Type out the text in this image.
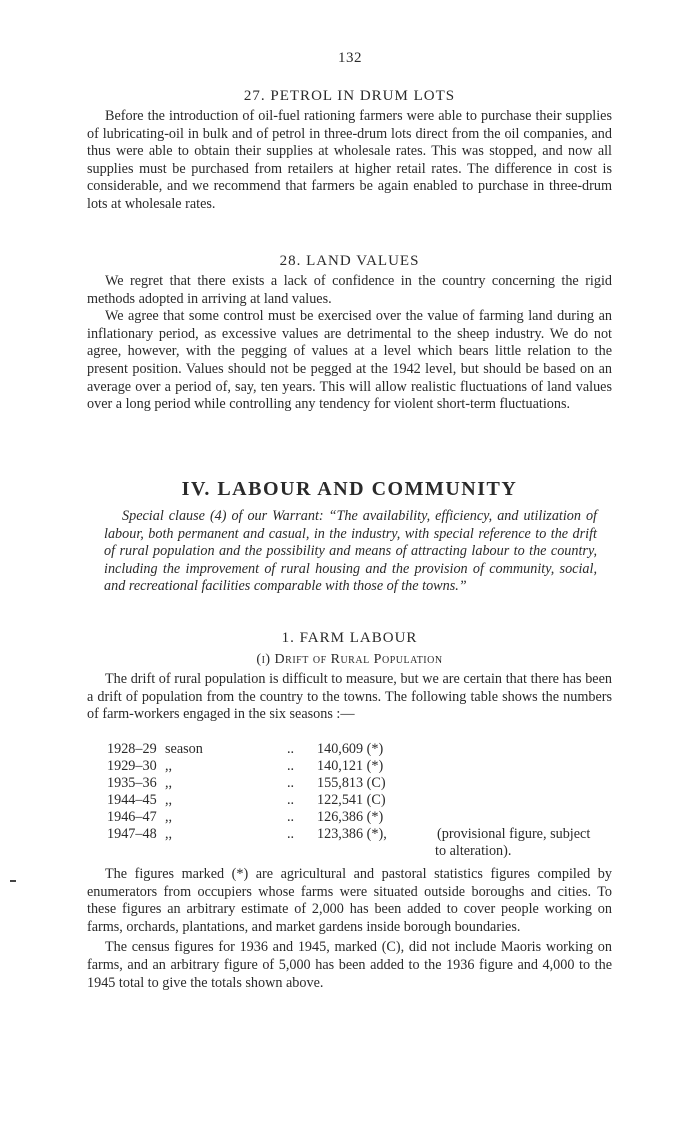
132
27. PETROL IN DRUM LOTS

Before the introduction of oil-fuel rationing farmers were able to purchase their supplies of lubricating-oil in bulk and of petrol in three-drum lots direct from the oil companies, and thus were able to obtain their supplies at wholesale rates. This was stopped, and now all supplies must be purchased from retailers at higher retail rates. The difference in cost is considerable, and we recommend that farmers be again enabled to purchase in three-drum lots at wholesale rates.

28. LAND VALUES

We regret that there exists a lack of confidence in the country concerning the rigid methods adopted in arriving at land values.

We agree that some control must be exercised over the value of farming land during an inflationary period, as excessive values are detrimental to the sheep industry. We do not agree, however, with the pegging of values at a level which bears little relation to the present position. Values should not be pegged at the 1942 level, but should be based on an average over a period of, say, ten years. This will allow realistic fluctuations of land values over a long period while controlling any tendency for violent short-term fluctuations.

IV. LABOUR AND COMMUNITY

Special clause (4) of our Warrant: “The availability, efficiency, and utilization of labour, both permanent and casual, in the industry, with special reference to the drift of rural population and the possibility and means of attracting labour to the country, including the improvement of rural housing and the provision of community, social, and recreational facilities comparable with those of the towns.”

1. FARM LABOUR
(i) Drift of Rural Population

The drift of rural population is difficult to measure, but we are certain that there has been a drift of population from the country to the towns. The following table shows the numbers of farm-workers engaged in the six seasons :—

1928–29 season	.. 140,609 (*)
1929–30 ,,	.. 140,121 (*)
1935–36 ,,	.. 155,813 (C)
1944–45 ,,	.. 122,541 (C)
1946–47 ,,	.. 126,386 (*)
1947–48 ,,	.. 123,386 (*),	(provisional figure, subject
to alteration).

The figures marked (*) are agricultural and pastoral statistics figures compiled by enumerators from occupiers whose farms were situated outside boroughs and cities. To these figures an arbitrary estimate of 2,000 has been added to cover people working on farms, orchards, plantations, and market gardens inside borough boundaries.

The census figures for 1936 and 1945, marked (C), did not include Maoris working on farms, and an arbitrary figure of 5,000 has been added to the 1936 figure and 4,000 to the 1945 total to give the totals shown above.
